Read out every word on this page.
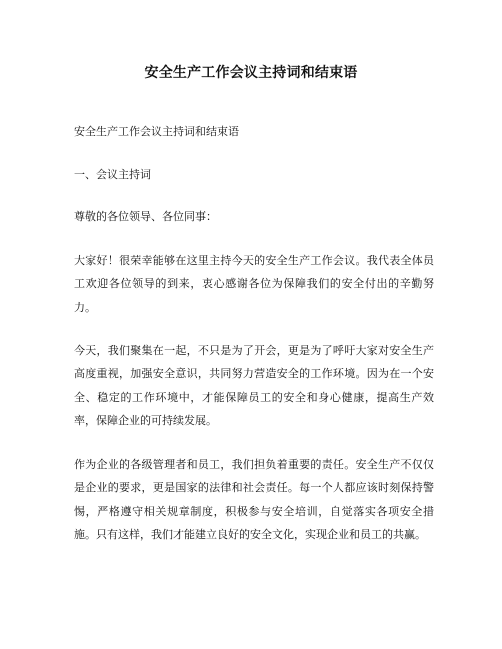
安全生产工作会议主持词和结束语

安全生产工作会议主持词和结束语

一、会议主持词

尊敬的各位领导、各位同事：

大家好！很荣幸能够在这里主持今天的安全生产工作会议。我代表全体员工欢迎各位领导的到来，衷心感谢各位为保障我们的安全付出的辛勤努力。

今天，我们聚集在一起，不只是为了开会，更是为了呼吁大家对安全生产高度重视，加强安全意识，共同努力营造安全的工作环境。因为在一个安全、稳定的工作环境中，才能保障员工的安全和身心健康，提高生产效率，保障企业的可持续发展。

作为企业的各级管理者和员工，我们担负着重要的责任。安全生产不仅仅是企业的要求，更是国家的法律和社会责任。每一个人都应该时刻保持警惕，严格遵守相关规章制度，积极参与安全培训，自觉落实各项安全措施。只有这样，我们才能建立良好的安全文化，实现企业和员工的共赢。
